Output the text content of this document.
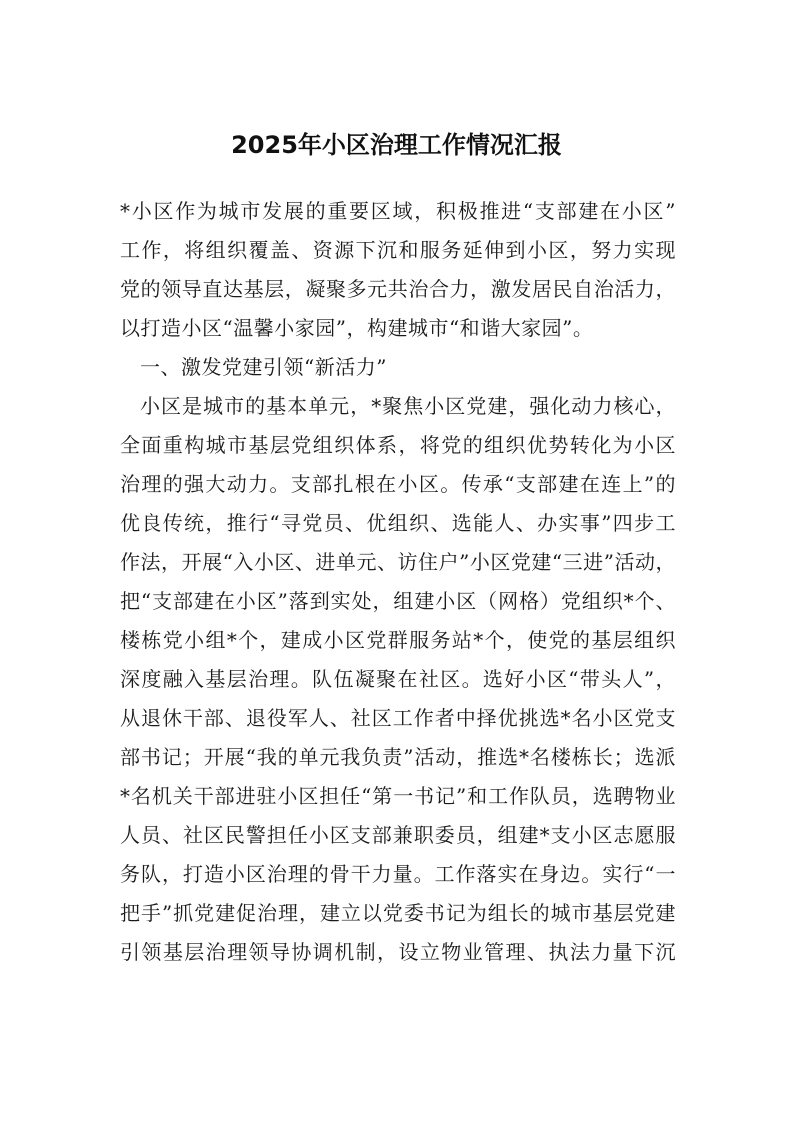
2025年小区治理工作情况汇报
*小区作为城市发展的重要区域，积极推进“支部建在小区”
工作，将组织覆盖、资源下沉和服务延伸到小区，努力实现
党的领导直达基层，凝聚多元共治合力，激发居民自治活力，
以打造小区“温馨小家园”，构建城市“和谐大家园”。
一、激发党建引领“新活力”
小区是城市的基本单元，*聚焦小区党建，强化动力核心，
全面重构城市基层党组织体系，将党的组织优势转化为小区
治理的强大动力。支部扎根在小区。传承“支部建在连上”的
优良传统，推行“寻党员、优组织、选能人、办实事”四步工
作法，开展“入小区、进单元、访住户”小区党建“三进”活动，
把“支部建在小区”落到实处，组建小区（网格）党组织*个、
楼栋党小组*个，建成小区党群服务站*个，使党的基层组织
深度融入基层治理。队伍凝聚在社区。选好小区“带头人”，
从退休干部、退役军人、社区工作者中择优挑选*名小区党支
部书记；开展“我的单元我负责”活动，推选*名楼栋长；选派
*名机关干部进驻小区担任“第一书记”和工作队员，选聘物业
人员、社区民警担任小区支部兼职委员，组建*支小区志愿服
务队，打造小区治理的骨干力量。工作落实在身边。实行“一
把手”抓党建促治理，建立以党委书记为组长的城市基层党建
引领基层治理领导协调机制，设立物业管理、执法力量下沉
